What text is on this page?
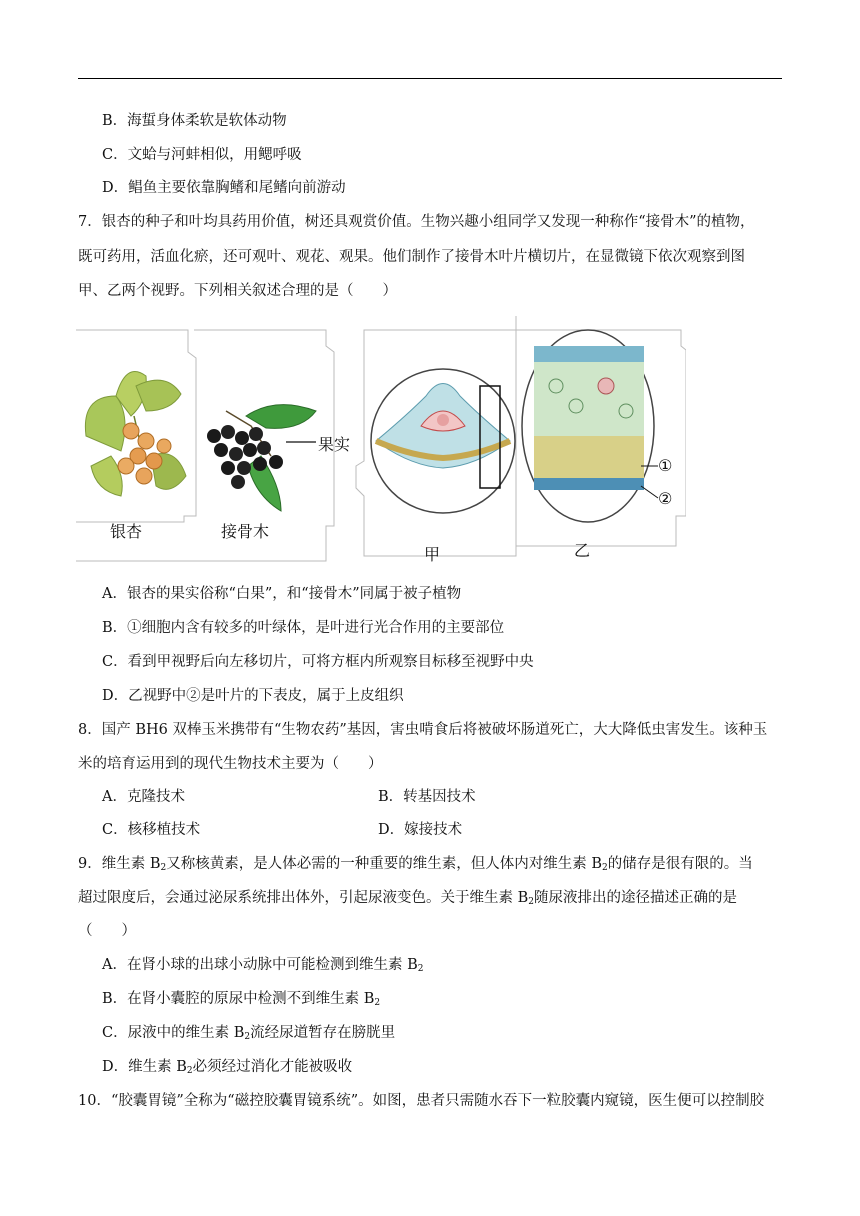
B．海蜇身体柔软是软体动物
C．文蛤与河蚌相似，用鳃呼吸
D．鲳鱼主要依靠胸鳍和尾鳍向前游动
7．银杏的种子和叶均具药用价值，树还具观赏价值。生物兴趣小组同学又发现一种称作“接骨木”的植物，
既可药用，活血化瘀，还可观叶、观花、观果。他们制作了接骨木叶片横切片，在显微镜下依次观察到图
甲、乙两个视野。下列相关叙述合理的是（　　）
银杏	接骨木
果实
甲	乙
①
②
A．银杏的果实俗称“白果”，和“接骨木”同属于被子植物
B．①细胞内含有较多的叶绿体，是叶进行光合作用的主要部位
C．看到甲视野后向左移切片，可将方框内所观察目标移至视野中央
D．乙视野中②是叶片的下表皮，属于上皮组织
8．国产 BH6 双棒玉米携带有“生物农药”基因，害虫啃食后将被破坏肠道死亡，大大降低虫害发生。该种玉
米的培育运用到的现代生物技术主要为（　　）
A．克隆技术	B．转基因技术
C．核移植技术	D．嫁接技术
9．维生素 $B_2$又称核黄素，是人体必需的一种重要的维生素，但人体内对维生素 $B_2$的储存是很有限的。当
超过限度后，会通过泌尿系统排出体外，引起尿液变色。关于维生素 $B_2$随尿液排出的途径描述正确的是
（　　）
A．在肾小球的出球小动脉中可能检测到维生素 $B_2$
B．在肾小囊腔的原尿中检测不到维生素 $B_2$
C．尿液中的维生素 $B_2$流经尿道暂存在膀胱里
D．维生素 $B_2$必须经过消化才能被吸收
10．“胶囊胃镜”全称为“磁控胶囊胃镜系统”。如图，患者只需随水吞下一粒胶囊内窥镜，医生便可以控制胶
